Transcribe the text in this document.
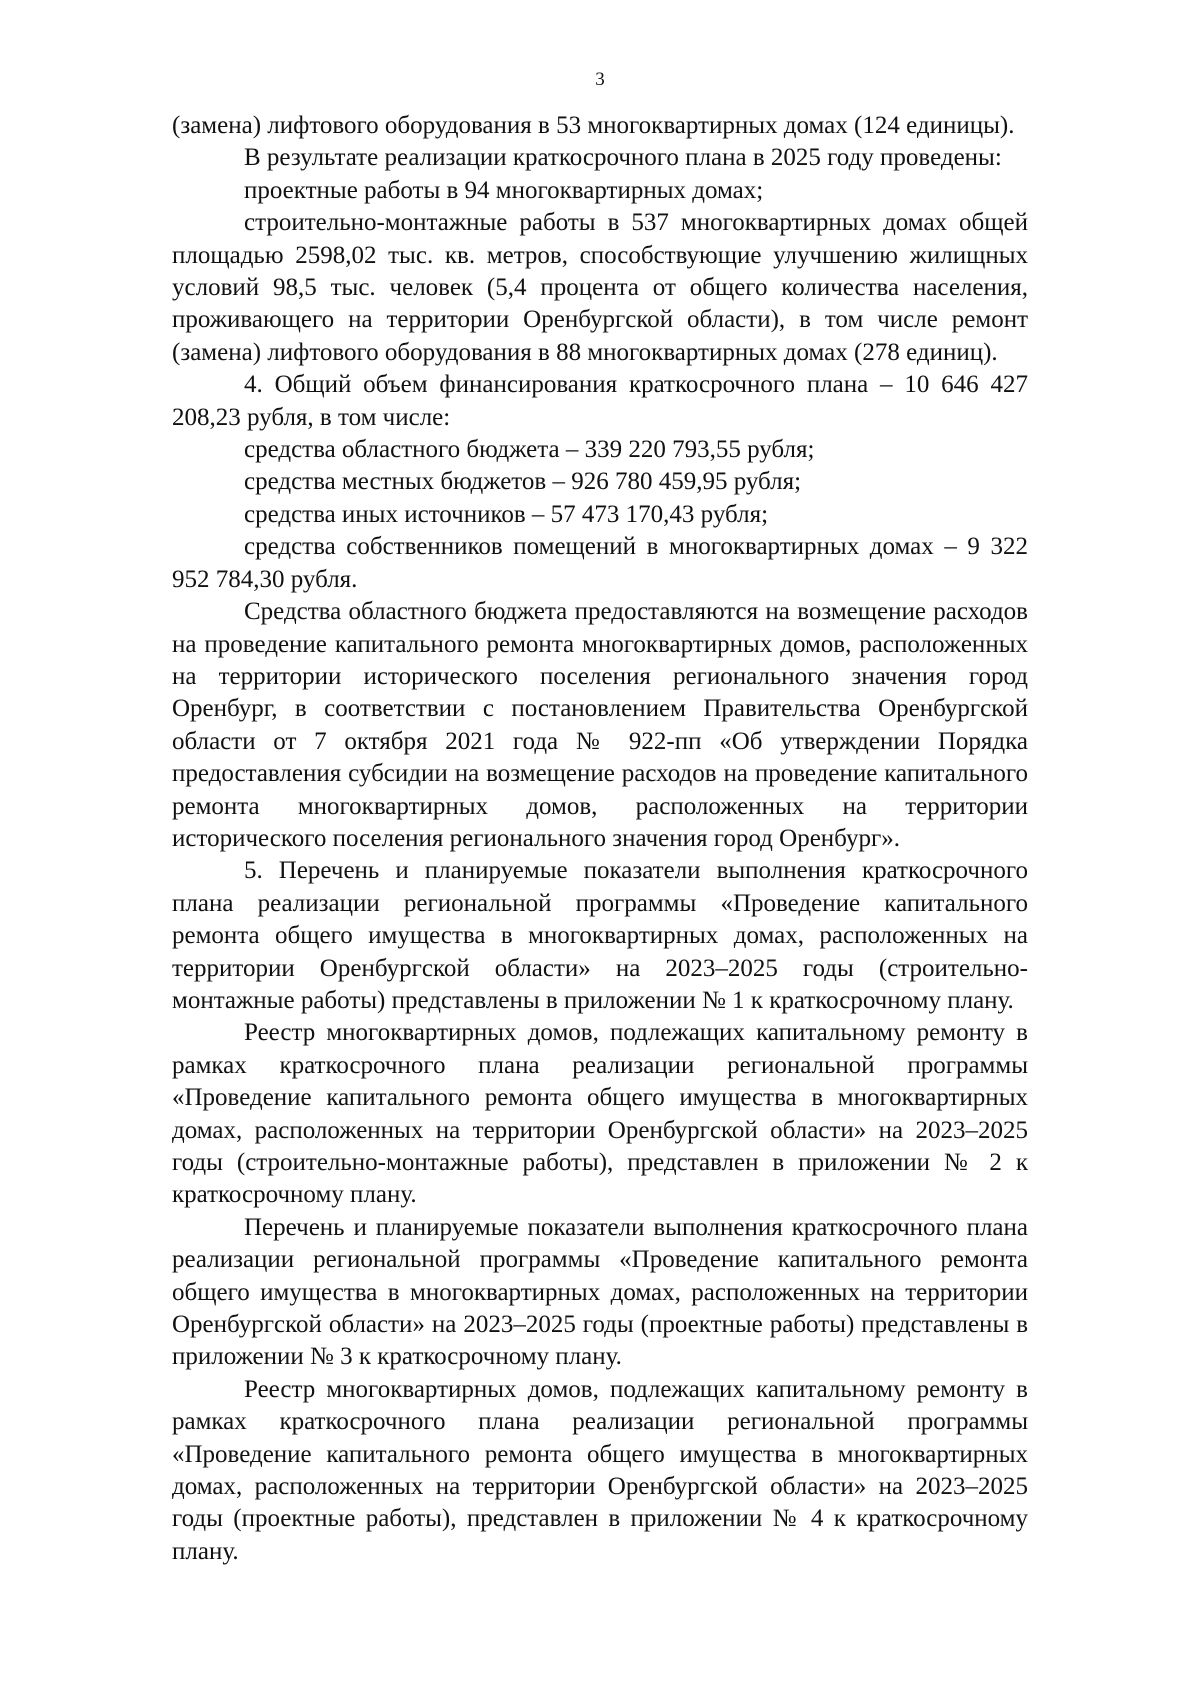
3

(замена) лифтового оборудования в 53 многоквартирных домах (124 единицы).

В результате реализации краткосрочного плана в 2025 году проведены:

проектные работы в 94 многоквартирных домах;

строительно-монтажные работы в 537 многоквартирных домах общей площадью 2598,02 тыс. кв. метров, способствующие улучшению жилищных условий 98,5 тыс. человек (5,4 процента от общего количества населения, проживающего на территории Оренбургской области), в том числе ремонт (замена) лифтового оборудования в 88 многоквартирных домах (278 единиц).

4. Общий объем финансирования краткосрочного плана – 10 646 427 208,23 рубля, в том числе:

средства областного бюджета – 339 220 793,55 рубля;

средства местных бюджетов – 926 780 459,95 рубля;

средства иных источников – 57 473 170,43 рубля;

средства собственников помещений в многоквартирных домах – 9 322 952 784,30 рубля.

Средства областного бюджета предоставляются на возмещение расходов на проведение капитального ремонта многоквартирных домов, расположенных на территории исторического поселения регионального значения город Оренбург, в соответствии с постановлением Правительства Оренбургской области от 7 октября 2021 года № 922-пп «Об утверждении Порядка предоставления субсидии на возмещение расходов на проведение капитального ремонта многоквартирных домов, расположенных на территории исторического поселения регионального значения город Оренбург».

5. Перечень и планируемые показатели выполнения краткосрочного плана реализации региональной программы «Проведение капитального ремонта общего имущества в многоквартирных домах, расположенных на территории Оренбургской области» на 2023–2025 годы (строительно-монтажные работы) представлены в приложении № 1 к краткосрочному плану.

Реестр многоквартирных домов, подлежащих капитальному ремонту в рамках краткосрочного плана реализации региональной программы «Проведение капитального ремонта общего имущества в многоквартирных домах, расположенных на территории Оренбургской области» на 2023–2025 годы (строительно-монтажные работы), представлен в приложении № 2 к краткосрочному плану.

Перечень и планируемые показатели выполнения краткосрочного плана реализации региональной программы «Проведение капитального ремонта общего имущества в многоквартирных домах, расположенных на территории Оренбургской области» на 2023–2025 годы (проектные работы) представлены в приложении № 3 к краткосрочному плану.

Реестр многоквартирных домов, подлежащих капитальному ремонту в рамках краткосрочного плана реализации региональной программы «Проведение капитального ремонта общего имущества в многоквартирных домах, расположенных на территории Оренбургской области» на 2023–2025 годы (проектные работы), представлен в приложении № 4 к краткосрочному плану.
